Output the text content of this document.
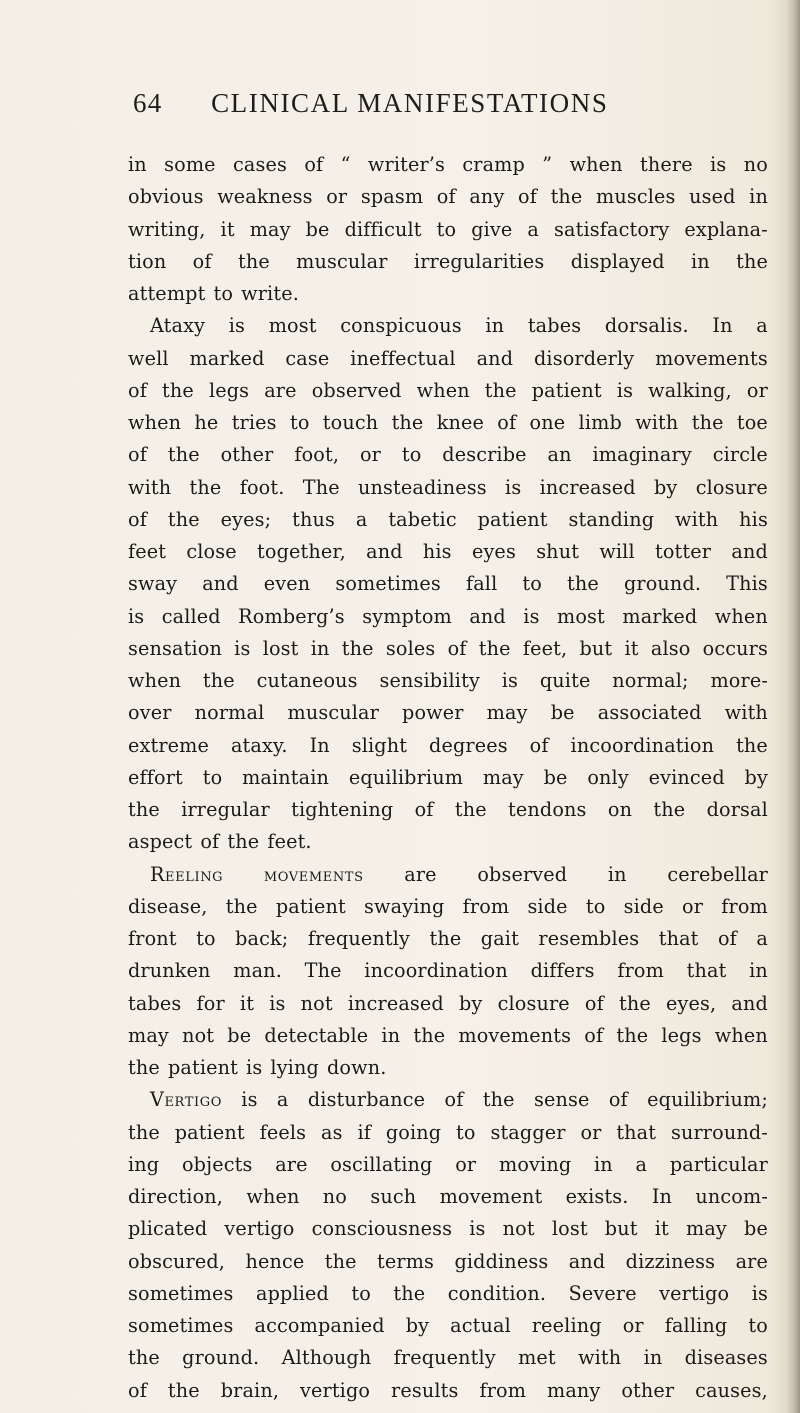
64 CLINICAL MANIFESTATIONS
in some cases of “ writer’s cramp ” when there is no
obvious weakness or spasm of any of the muscles used in
writing, it may be difficult to give a satisfactory explana-
tion of the muscular irregularities displayed in the
attempt to write.
Ataxy is most conspicuous in tabes dorsalis. In a
well marked case ineffectual and disorderly movements
of the legs are observed when the patient is walking, or
when he tries to touch the knee of one limb with the toe
of the other foot, or to describe an imaginary circle
with the foot. The unsteadiness is increased by closure
of the eyes; thus a tabetic patient standing with his
feet close together, and his eyes shut will totter and
sway and even sometimes fall to the ground. This
is called Romberg’s symptom and is most marked when
sensation is lost in the soles of the feet, but it also occurs
when the cutaneous sensibility is quite normal; more-
over normal muscular power may be associated with
extreme ataxy. In slight degrees of incoordination the
effort to maintain equilibrium may be only evinced by
the irregular tightening of the tendons on the dorsal
aspect of the feet.
Reeling movements are observed in cerebellar
disease, the patient swaying from side to side or from
front to back; frequently the gait resembles that of a
drunken man. The incoordination differs from that in
tabes for it is not increased by closure of the eyes, and
may not be detectable in the movements of the legs when
the patient is lying down.
Vertigo is a disturbance of the sense of equilibrium;
the patient feels as if going to stagger or that surround-
ing objects are oscillating or moving in a particular
direction, when no such movement exists. In uncom-
plicated vertigo consciousness is not lost but it may be
obscured, hence the terms giddiness and dizziness are
sometimes applied to the condition. Severe vertigo is
sometimes accompanied by actual reeling or falling to
the ground. Although frequently met with in diseases
of the brain, vertigo results from many other causes,
